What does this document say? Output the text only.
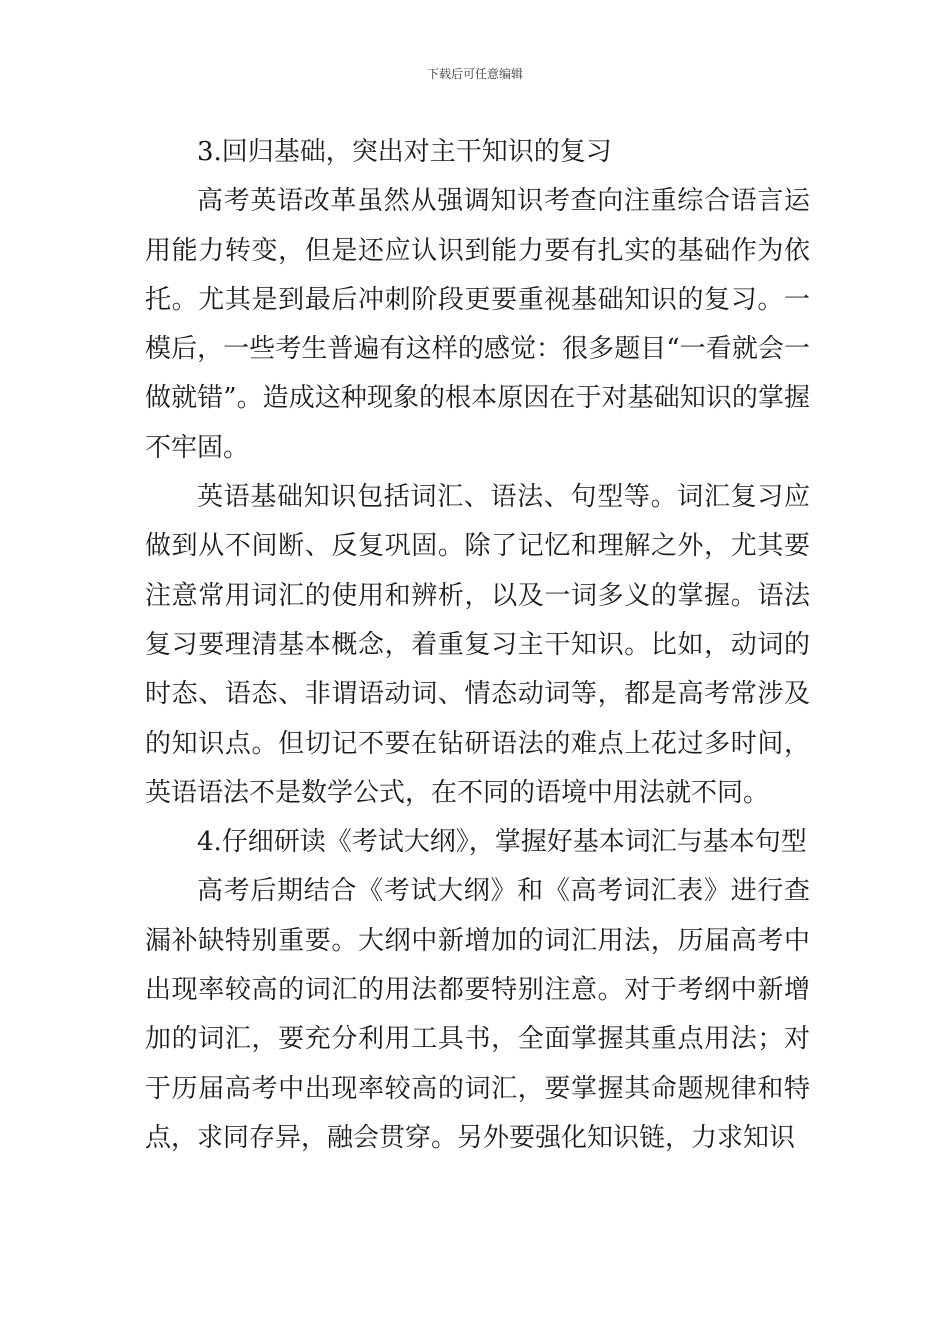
下载后可任意编辑

3.回归基础，突出对主干知识的复习

高考英语改革虽然从强调知识考查向注重综合语言运用能力转变，但是还应认识到能力要有扎实的基础作为依托。尤其是到最后冲刺阶段更要重视基础知识的复习。一模后，一些考生普遍有这样的感觉：很多题目“一看就会一做就错”。造成这种现象的根本原因在于对基础知识的掌握不牢固。

英语基础知识包括词汇、语法、句型等。词汇复习应做到从不间断、反复巩固。除了记忆和理解之外，尤其要注意常用词汇的使用和辨析，以及一词多义的掌握。语法复习要理清基本概念，着重复习主干知识。比如，动词的时态、语态、非谓语动词、情态动词等，都是高考常涉及的知识点。但切记不要在钻研语法的难点上花过多时间，英语语法不是数学公式，在不同的语境中用法就不同。

4.仔细研读《考试大纲》，掌握好基本词汇与基本句型

高考后期结合《考试大纲》和《高考词汇表》进行查漏补缺特别重要。大纲中新增加的词汇用法，历届高考中出现率较高的词汇的用法都要特别注意。对于考纲中新增加的词汇，要充分利用工具书，全面掌握其重点用法；对于历届高考中出现率较高的词汇，要掌握其命题规律和特点，求同存异，融会贯穿。另外要强化知识链，力求知识
